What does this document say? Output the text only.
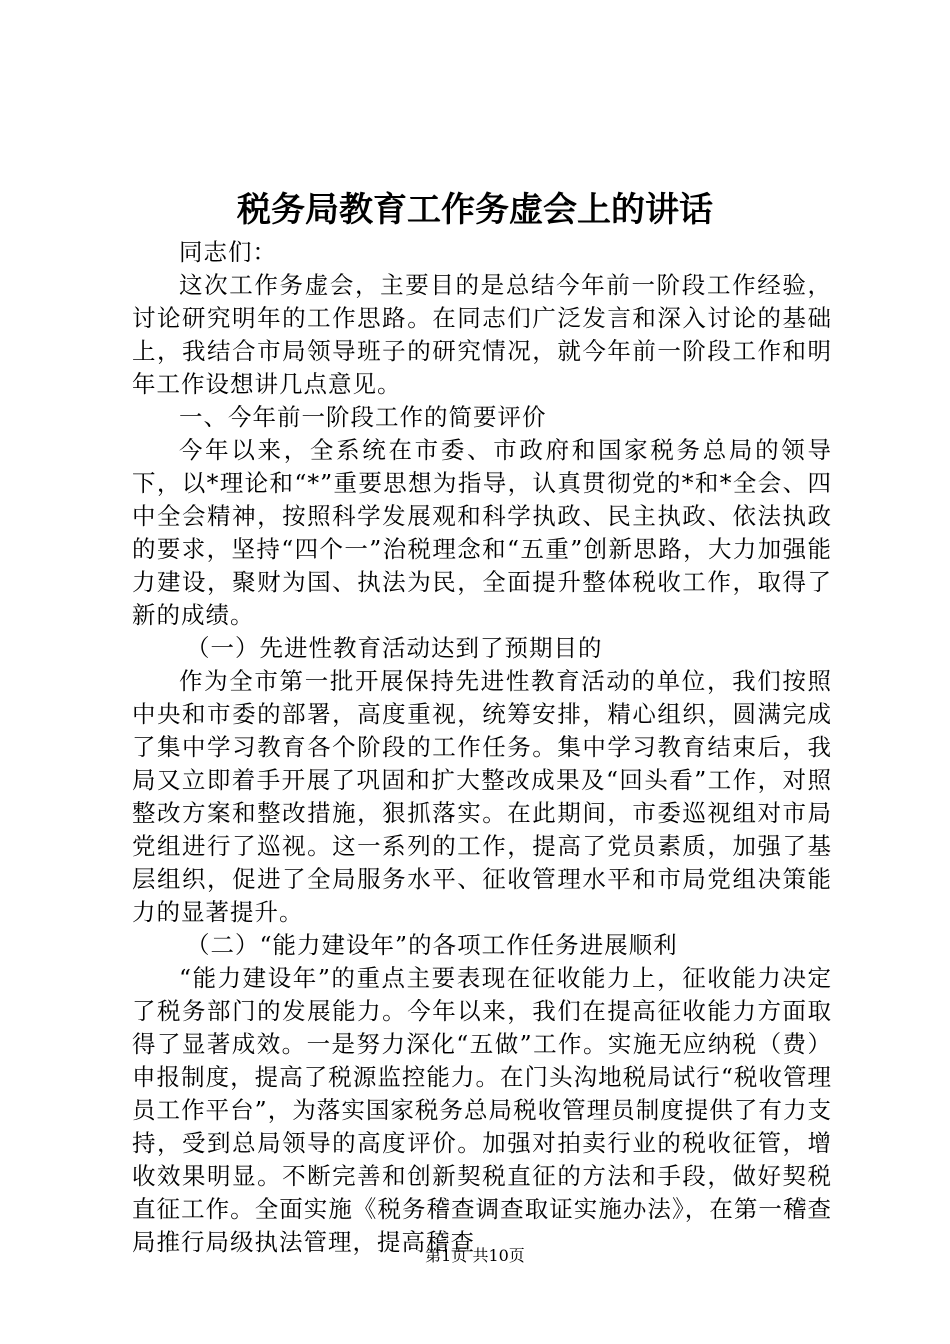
税务局教育工作务虚会上的讲话

同志们：

这次工作务虚会，主要目的是总结今年前一阶段工作经验，讨论研究明年的工作思路。在同志们广泛发言和深入讨论的基础上，我结合市局领导班子的研究情况，就今年前一阶段工作和明年工作设想讲几点意见。

一、今年前一阶段工作的简要评价

今年以来，全系统在市委、市政府和国家税务总局的领导下，以*理论和“*”重要思想为指导，认真贯彻党的*和*全会、四中全会精神，按照科学发展观和科学执政、民主执政、依法执政的要求，坚持“四个一”治税理念和“五重”创新思路，大力加强能力建设，聚财为国、执法为民，全面提升整体税收工作，取得了新的成绩。

（一）先进性教育活动达到了预期目的

作为全市第一批开展保持先进性教育活动的单位，我们按照中央和市委的部署，高度重视，统筹安排，精心组织，圆满完成了集中学习教育各个阶段的工作任务。集中学习教育结束后，我局又立即着手开展了巩固和扩大整改成果及“回头看”工作，对照整改方案和整改措施，狠抓落实。在此期间，市委巡视组对市局党组进行了巡视。这一系列的工作，提高了党员素质，加强了基层组织，促进了全局服务水平、征收管理水平和市局党组决策能力的显著提升。

（二）“能力建设年”的各项工作任务进展顺利

“能力建设年”的重点主要表现在征收能力上，征收能力决定了税务部门的发展能力。今年以来，我们在提高征收能力方面取得了显著成效。一是努力深化“五做”工作。实施无应纳税（费）申报制度，提高了税源监控能力。在门头沟地税局试行“税收管理员工作平台”，为落实国家税务总局税收管理员制度提供了有力支持，受到总局领导的高度评价。加强对拍卖行业的税收征管，增收效果明显。不断完善和创新契税直征的方法和手段，做好契税直征工作。全面实施《税务稽查调查取证实施办法》，在第一稽查局推行局级执法管理，提高稽查

第1页 共10页
